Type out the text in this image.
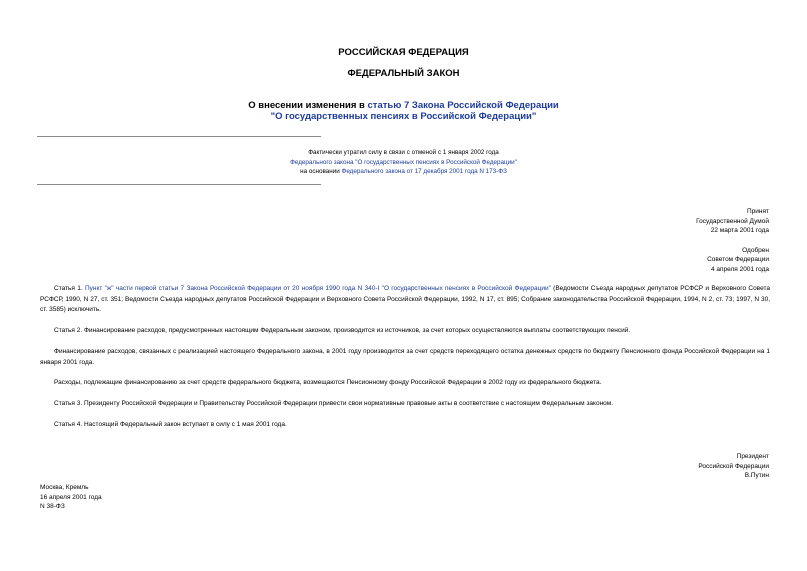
РОССИЙСКАЯ ФЕДЕРАЦИЯ
ФЕДЕРАЛЬНЫЙ ЗАКОН
О внесении изменения в статью 7 Закона Российской Федерации
"О государственных пенсиях в Российской Федерации"
Фактически утратил силу в связи с отменой с 1 января 2002 года
Федерального закона "О государственных пенсиях в Российской Федерации"
на основании Федерального закона от 17 декабря 2001 года N 173-ФЗ
Принят
Государственной Думой
22 марта 2001 года
Одобрен
Советом Федерации
4 апреля 2001 года
Статья 1. Пункт "ж" части первой статьи 7 Закона Российской Федерации от 20 ноября 1990 года N 340-I "О государственных пенсиях в Российской Федерации" (Ведомости Съезда народных депутатов РСФСР и Верховного Совета РСФСР, 1990, N 27, ст. 351; Ведомости Съезда народных депутатов Российской Федерации и Верховного Совета Российской Федерации, 1992, N 17, ст. 895; Собрание законодательства Российской Федерации, 1994, N 2, ст. 73; 1997, N 30, ст. 3585) исключить.
Статья 2. Финансирование расходов, предусмотренных настоящим Федеральным законом, производится из источников, за счет которых осуществляются выплаты соответствующих пенсий.
Финансирование расходов, связанных с реализацией настоящего Федерального закона, в 2001 году производится за счет средств переходящего остатка денежных средств по бюджету Пенсионного фонда Российской Федерации на 1 января 2001 года.
Расходы, подлежащие финансированию за счет средств федерального бюджета, возмещаются Пенсионному фонду Российской Федерации в 2002 году из федерального бюджета.
Статья 3. Президенту Российской Федерации и Правительству Российской Федерации привести свои нормативные правовые акты в соответствие с настоящим Федеральным законом.
Статья 4. Настоящий Федеральный закон вступает в силу с 1 мая 2001 года.
Президент
Российской Федерации
В.Путин
Москва, Кремль
16 апреля 2001 года
N 38-ФЗ
